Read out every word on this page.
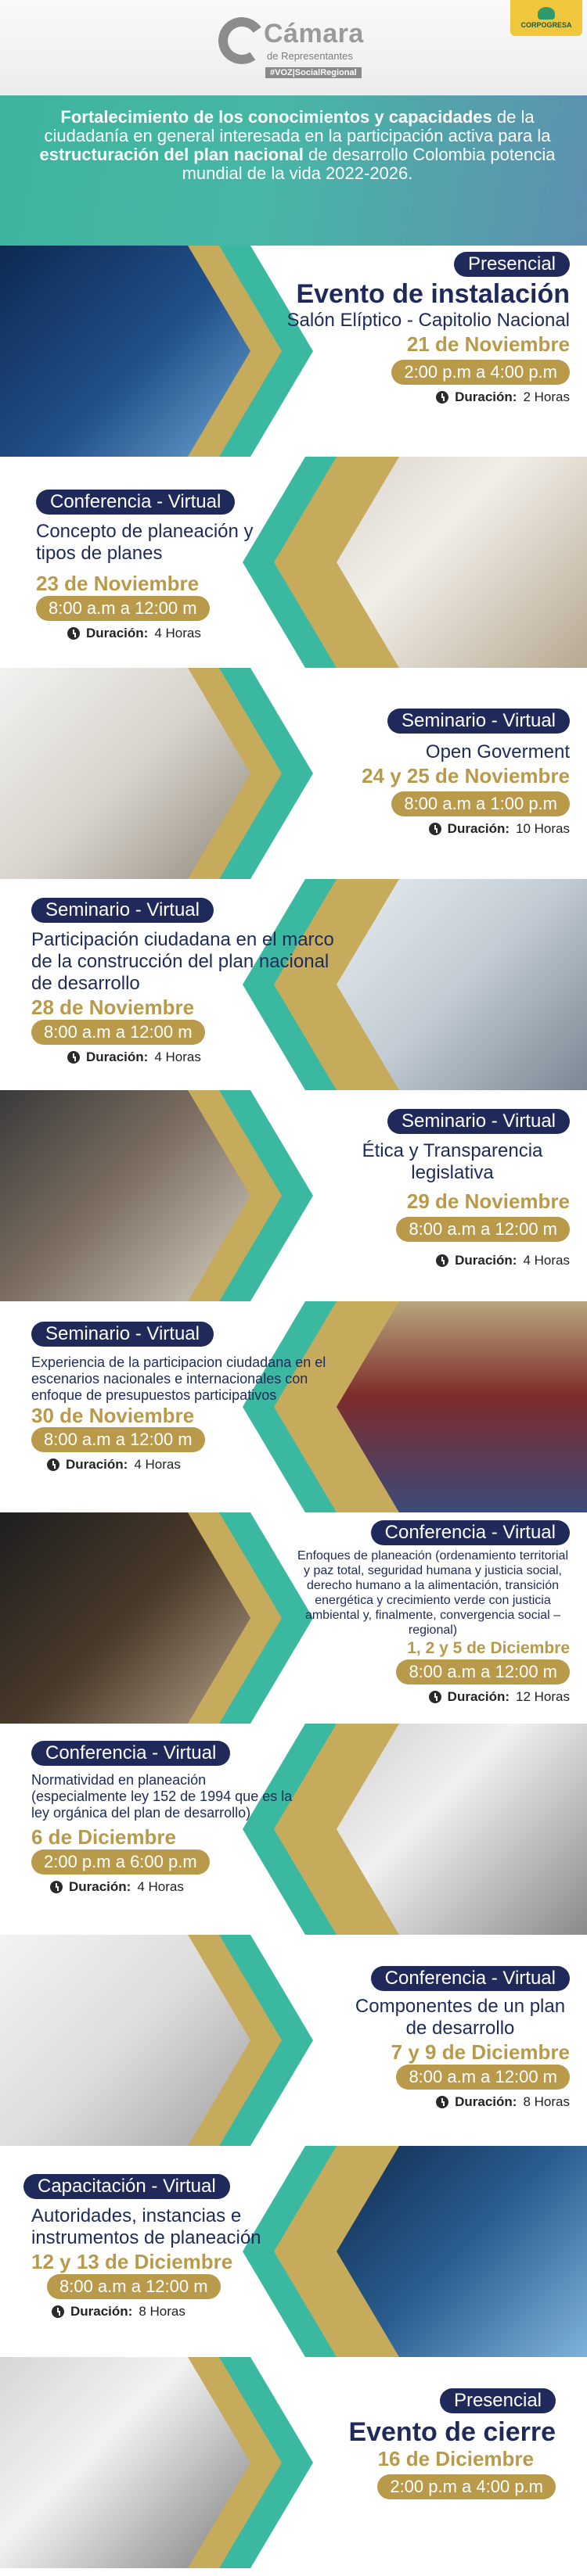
Cámara
de Representantes
#VOZ|SocialRegional
CORPOGRESA
Fortalecimiento de los conocimientos y capacidades de la ciudadanía en general interesada en la participación activa para la estructuración del plan nacional de desarrollo Colombia potencia mundial de la vida 2022-2026.
Presencial
Evento de instalación
Salón Elíptico - Capitolio Nacional
21 de Noviembre
2:00 p.m a 4:00 p.m
Duración: 2 Horas
Conferencia - Virtual
Concepto de planeación y tipos de planes
23 de Noviembre
8:00 a.m a 12:00 m
Duración: 4 Horas
Seminario - Virtual
Open Goverment
24 y 25 de Noviembre
8:00 a.m a 1:00 p.m
Duración: 10 Horas
Seminario - Virtual
Participación ciudadana en el marco de la construcción del plan nacional de desarrollo
28 de Noviembre
8:00 a.m a 12:00 m
Duración: 4 Horas
Seminario - Virtual
Ética y Transparencia legislativa
29 de Noviembre
8:00 a.m a 12:00 m
Duración: 4 Horas
Seminario - Virtual
Experiencia de la participacion ciudadana en el escenarios nacionales e internacionales con enfoque de presupuestos participativos
30 de Noviembre
8:00 a.m a 12:00 m
Duración: 4 Horas
Conferencia - Virtual
Enfoques de planeación (ordenamiento territorial y paz total, seguridad humana y justicia social, derecho humano a la alimentación, transición energética y crecimiento verde con justicia ambiental y, finalmente, convergencia social – regional)
1, 2 y 5 de Diciembre
8:00 a.m a 12:00 m
Duración: 12 Horas
Conferencia - Virtual
Normatividad en planeación (especialmente ley 152 de 1994 que es la ley orgánica del plan de desarrollo)
6 de Diciembre
2:00 p.m a 6:00 p.m
Duración: 4 Horas
Conferencia - Virtual
Componentes de un plan de desarrollo
7 y 9 de Diciembre
8:00 a.m a 12:00 m
Duración: 8 Horas
Capacitación - Virtual
Autoridades, instancias e instrumentos de planeación
12 y 13 de Diciembre
8:00 a.m a 12:00 m
Duración: 8 Horas
Presencial
Evento de cierre
16 de Diciembre
2:00 p.m a 4:00 p.m
